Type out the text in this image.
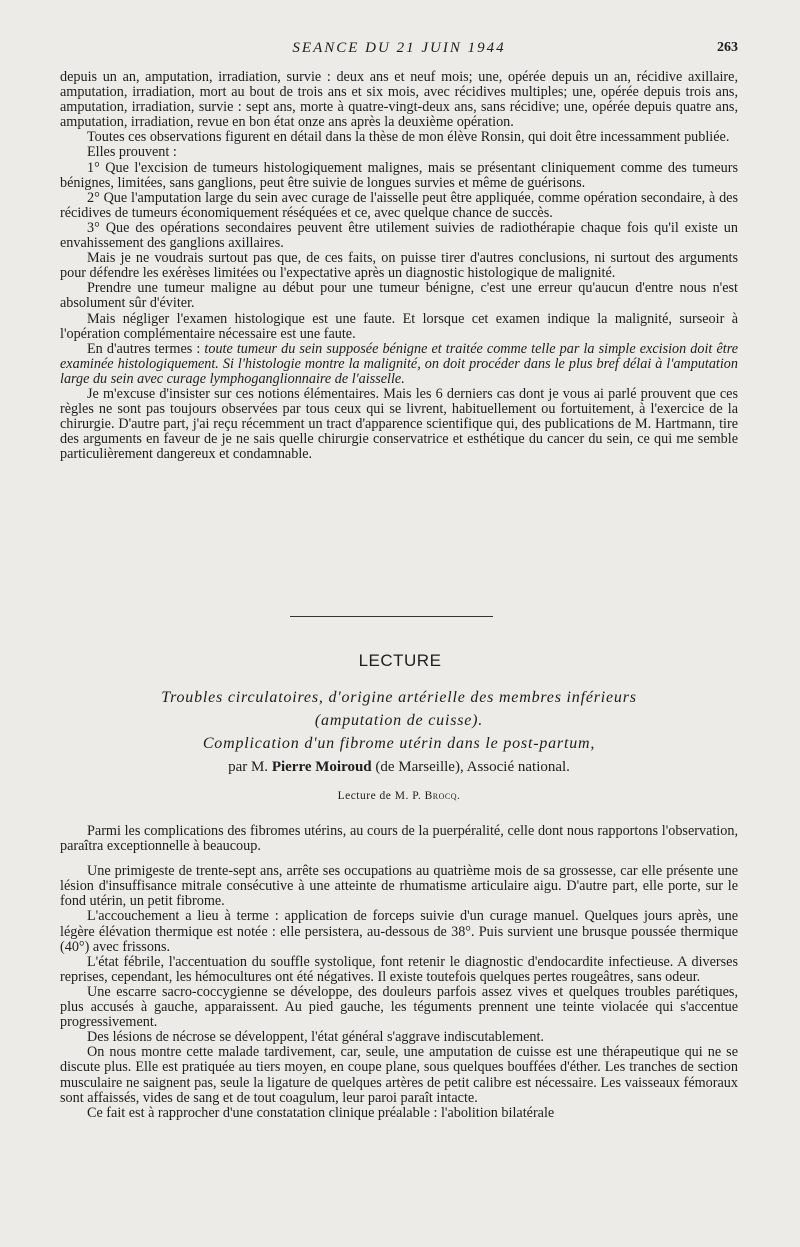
SEANCE DU 21 JUIN 1944	263

depuis un an, amputation, irradiation, survie : deux ans et neuf mois; une, opérée depuis un an, récidive axillaire, amputation, irradiation, mort au bout de trois ans et six mois, avec récidives multiples; une, opérée depuis trois ans, amputation, irradiation, survie : sept ans, morte à quatre-vingt-deux ans, sans récidive; une, opérée depuis quatre ans, amputation, irradiation, revue en bon état onze ans après la deuxième opération.

Toutes ces observations figurent en détail dans la thèse de mon élève Ronsin, qui doit être incessamment publiée.

Elles prouvent :

1° Que l'excision de tumeurs histologiquement malignes, mais se présentant cliniquement comme des tumeurs bénignes, limitées, sans ganglions, peut être suivie de longues survies et même de guérisons.

2° Que l'amputation large du sein avec curage de l'aisselle peut être appliquée, comme opération secondaire, à des récidives de tumeurs économiquement réséquées et ce, avec quelque chance de succès.

3° Que des opérations secondaires peuvent être utilement suivies de radiothérapie chaque fois qu'il existe un envahissement des ganglions axillaires.

Mais je ne voudrais surtout pas que, de ces faits, on puisse tirer d'autres conclusions, ni surtout des arguments pour défendre les exérèses limitées ou l'expectative après un diagnostic histologique de malignité.

Prendre une tumeur maligne au début pour une tumeur bénigne, c'est une erreur qu'aucun d'entre nous n'est absolument sûr d'éviter.

Mais négliger l'examen histologique est une faute. Et lorsque cet examen indique la malignité, surseoir à l'opération complémentaire nécessaire est une faute.

En d'autres termes : toute tumeur du sein supposée bénigne et traitée comme telle par la simple excision doit être examinée histologiquement. Si l'histologie montre la malignité, on doit procéder dans le plus bref délai à l'amputation large du sein avec curage lymphoganglionnaire de l'aisselle.

Je m'excuse d'insister sur ces notions élémentaires. Mais les 6 derniers cas dont je vous ai parlé prouvent que ces règles ne sont pas toujours observées par tous ceux qui se livrent, habituellement ou fortuitement, à l'exercice de la chirurgie. D'autre part, j'ai reçu récemment un tract d'apparence scientifique qui, des publications de M. Hartmann, tire des arguments en faveur de je ne sais quelle chirurgie conservatrice et esthétique du cancer du sein, ce qui me semble particulièrement dangereux et condamnable.

LECTURE
Troubles circulatoires, d'origine artérielle des membres inférieurs
(amputation de cuisse).
Complication d'un fibrome utérin dans le post-partum,
par M. Pierre Moiroud (de Marseille), Associé national.
Lecture de M. P. Brocq.

Parmi les complications des fibromes utérins, au cours de la puerpéralité, celle dont nous rapportons l'observation, paraîtra exceptionnelle à beaucoup.

Une primigeste de trente-sept ans, arrête ses occupations au quatrième mois de sa grossesse, car elle présente une lésion d'insuffisance mitrale consécutive à une atteinte de rhumatisme articulaire aigu. D'autre part, elle porte, sur le fond utérin, un petit fibrome.

L'accouchement a lieu à terme : application de forceps suivie d'un curage manuel. Quelques jours après, une légère élévation thermique est notée : elle persistera, au-dessous de 38°. Puis survient une brusque poussée thermique (40°) avec frissons.

L'état fébrile, l'accentuation du souffle systolique, font retenir le diagnostic d'endocardite infectieuse. A diverses reprises, cependant, les hémocultures ont été négatives. Il existe toutefois quelques pertes rougeâtres, sans odeur.

Une escarre sacro-coccygienne se développe, des douleurs parfois assez vives et quelques troubles parétiques, plus accusés à gauche, apparaissent. Au pied gauche, les téguments prennent une teinte violacée qui s'accentue progressivement.

Des lésions de nécrose se développent, l'état général s'aggrave indiscutablement.

On nous montre cette malade tardivement, car, seule, une amputation de cuisse est une thérapeutique qui ne se discute plus. Elle est pratiquée au tiers moyen, en coupe plane, sous quelques bouffées d'éther. Les tranches de section musculaire ne saignent pas, seule la ligature de quelques artères de petit calibre est nécessaire. Les vaisseaux fémoraux sont affaissés, vides de sang et de tout coagulum, leur paroi paraît intacte.

Ce fait est à rapprocher d'une constatation clinique préalable : l'abolition bilatérale
